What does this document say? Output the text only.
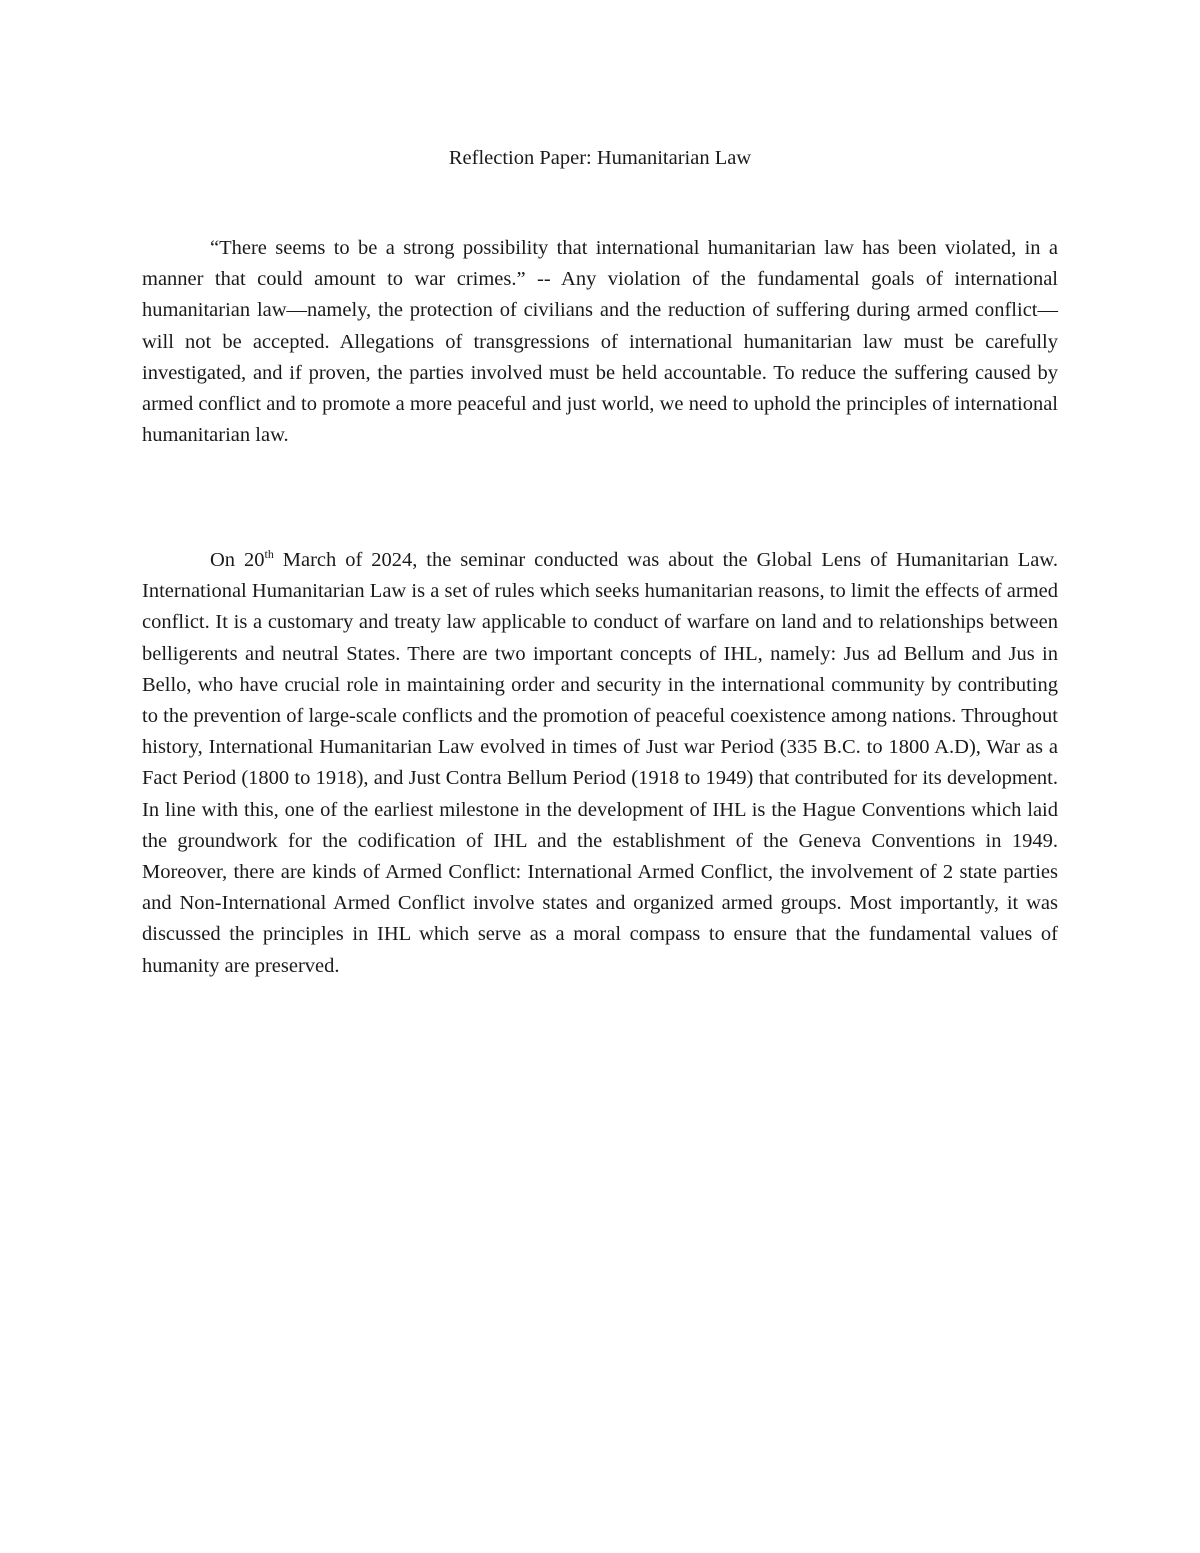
Reflection Paper: Humanitarian Law

“There seems to be a strong possibility that international humanitarian law has been violated, in a manner that could amount to war crimes.” -- Any violation of the fundamental goals of international humanitarian law—namely, the protection of civilians and the reduction of suffering during armed conflict—will not be accepted. Allegations of transgressions of international humanitarian law must be carefully investigated, and if proven, the parties involved must be held accountable. To reduce the suffering caused by armed conflict and to promote a more peaceful and just world, we need to uphold the principles of international humanitarian law.

On 20th March of 2024, the seminar conducted was about the Global Lens of Humanitarian Law. International Humanitarian Law is a set of rules which seeks humanitarian reasons, to limit the effects of armed conflict. It is a customary and treaty law applicable to conduct of warfare on land and to relationships between belligerents and neutral States. There are two important concepts of IHL, namely: Jus ad Bellum and Jus in Bello, who have crucial role in maintaining order and security in the international community by contributing to the prevention of large-scale conflicts and the promotion of peaceful coexistence among nations. Throughout history, International Humanitarian Law evolved in times of Just war Period (335 B.C. to 1800 A.D), War as a Fact Period (1800 to 1918), and Just Contra Bellum Period (1918 to 1949) that contributed for its development. In line with this, one of the earliest milestone in the development of IHL is the Hague Conventions which laid the groundwork for the codification of IHL and the establishment of the Geneva Conventions in 1949. Moreover, there are kinds of Armed Conflict: International Armed Conflict, the involvement of 2 state parties and Non-International Armed Conflict involve states and organized armed groups. Most importantly, it was discussed the principles in IHL which serve as a moral compass to ensure that the fundamental values of humanity are preserved.
